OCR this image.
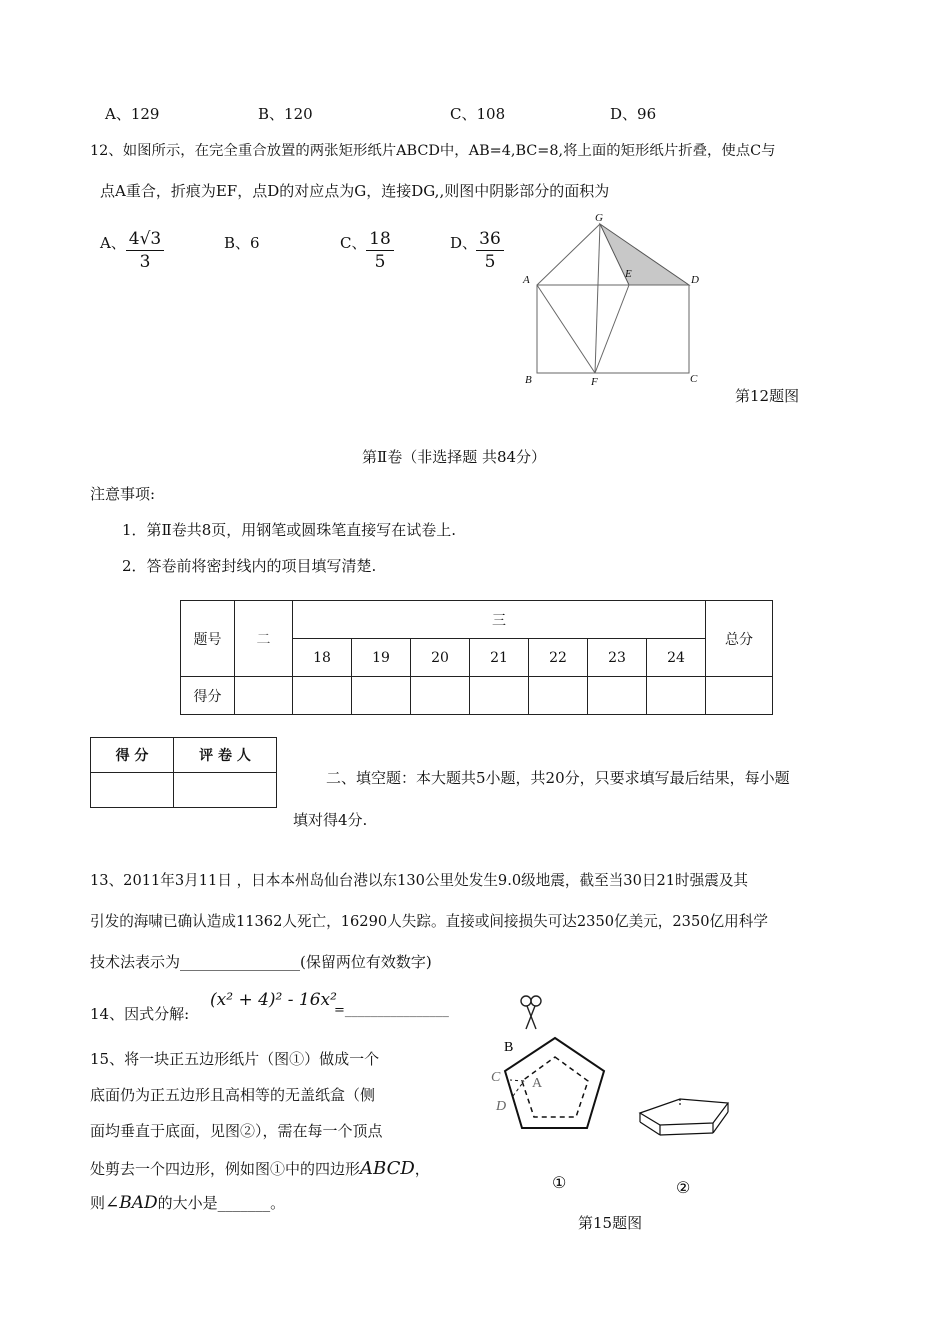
A、129	B、120	C、108	D、96
12、如图所示，在完全重合放置的两张矩形纸片ABCD中，AB=4,BC=8,将上面的矩形纸片折叠，使点C与
点A重合，折痕为EF，点D的对应点为G，连接DG,,则图中阴影部分的面积为
A、 $\frac{4√3}{3}$	B、6	C、 $\frac{18}{5}$	D、
$\frac{36}{5}$
G
E	D
A
B	F	C
第12题图
第Ⅱ卷（非选择题 共84分）
注意事项:
1．第Ⅱ卷共8页，用钢笔或圆珠笔直接写在试卷上.
2．答卷前将密封线内的项目填写清楚.
题号	二	三							总分
		18	19	20	21	22	23	24	
得分									
得 分	评 卷 人

二、填空题：本大题共5小题，共20分，只要求填写最后结果，每小题
填对得4分.
13、2011年3月11日 ，日本本州岛仙台港以东130公里处发生9.0级地震，截至当30日21时强震及其
引发的海啸已确认造成11362人死亡，16290人失踪。直接或间接损失可达2350亿美元，2350亿用科学
技术法表示为________________(保留两位有效数字)
14、因式分解:
(x² + 4)² - 16x²
=________________
15、将一块正五边形纸片（图①）做成一个
底面仍为正五边形且高相等的无盖纸盒（侧
面均垂直于底面，见图②），需在每一个顶点
处剪去一个四边形，例如图①中的四边形ABCD，
则∠BAD的大小是_______。
B
C A
D
①	②
第15题图
